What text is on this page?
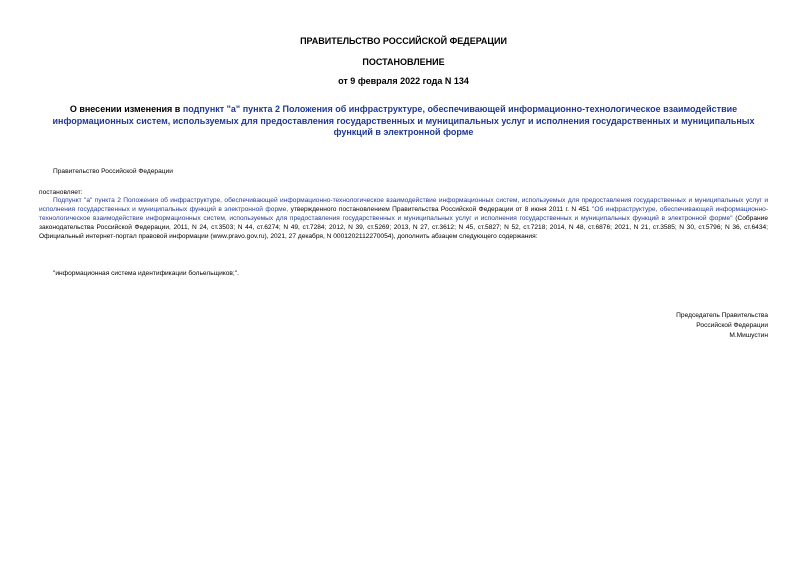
ПРАВИТЕЛЬСТВО РОССИЙСКОЙ ФЕДЕРАЦИИ
ПОСТАНОВЛЕНИЕ
от 9 февраля 2022 года N 134
О внесении изменения в подпункт "а" пункта 2 Положения об инфраструктуре, обеспечивающей информационно-технологическое взаимодействие информационных систем, используемых для предоставления государственных и муниципальных услуг и исполнения государственных и муниципальных функций в электронной форме
Правительство Российской Федерации
постановляет:
Подпункт "а" пункта 2 Положения об инфраструктуре, обеспечивающей информационно-технологическое взаимодействие информационных систем, используемых для предоставления государственных и муниципальных услуг и исполнения государственных и муниципальных функций в электронной форме, утвержденного постановлением Правительства Российской Федерации от 8 июня 2011 г. N 451 "Об инфраструктуре, обеспечивающей информационно-технологическое взаимодействие информационных систем, используемых для предоставления государственных и муниципальных услуг и исполнения государственных и муниципальных функций в электронной форме" (Собрание законодательства Российской Федерации, 2011, N 24, ст.3503; N 44, ст.6274; N 49, ст.7284; 2012, N 39, ст.5269; 2013, N 27, ст.3612; N 45, ст.5827; N 52, ст.7218; 2014, N 48, ст.6876; 2021, N 21, ст.3585; N 30, ст.5796; N 36, ст.6434; Официальный интернет-портал правовой информации (www.pravo.gov.ru), 2021, 27 декабря, N 0001202112270054), дополнить абзацем следующего содержания:
"информационная система идентификации больельщиков;".
Председатель Правительства
Российской Федерации
М.Мишустин
